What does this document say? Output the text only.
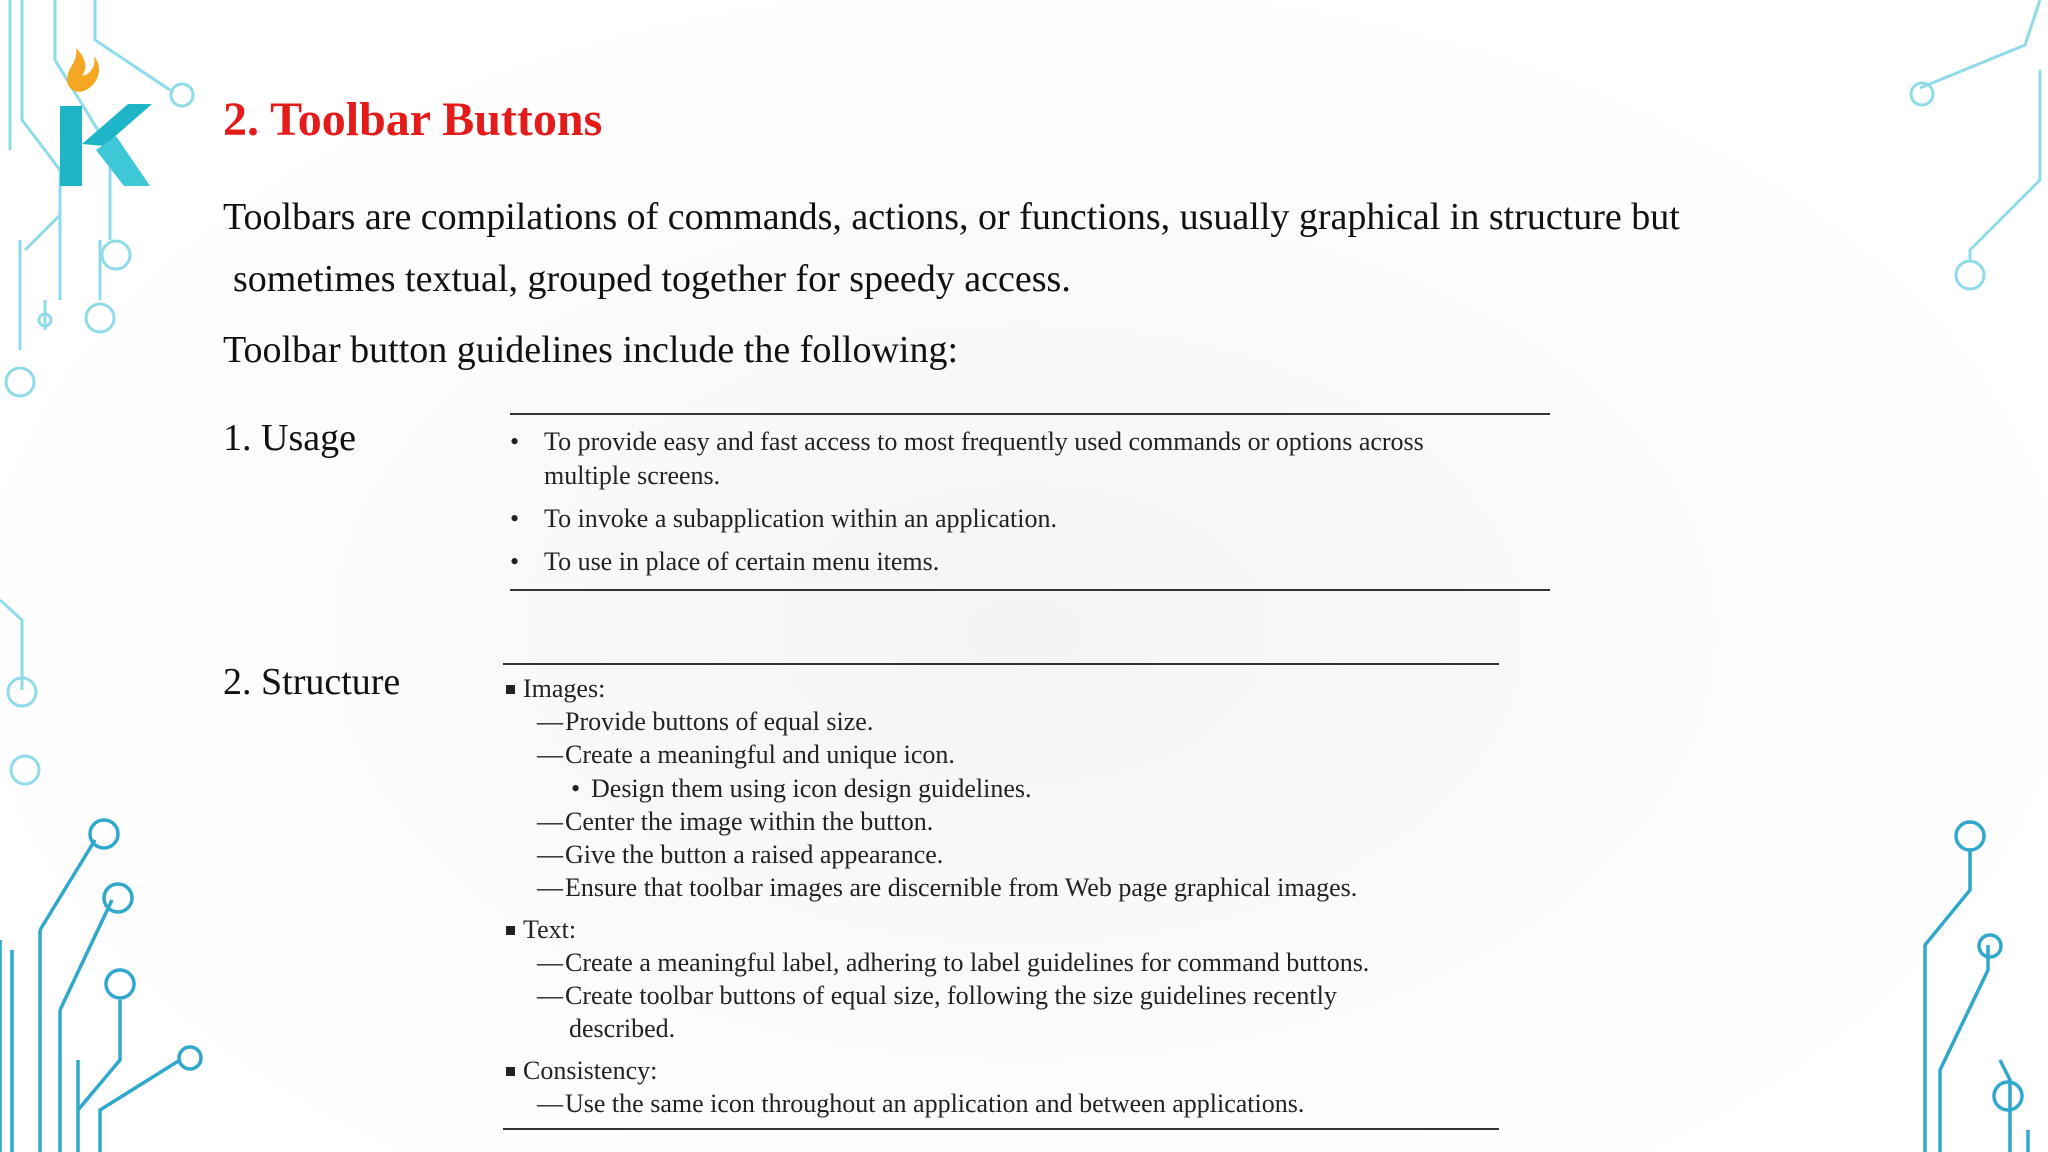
2. Toolbar Buttons

Toolbars are compilations of commands, actions, or functions, usually graphical in structure but
sometimes textual, grouped together for speedy access.

Toolbar button guidelines include the following:

1. Usage
•	To provide easy and fast access to most frequently used commands or options across
multiple screens.
• To invoke a subapplication within an application.
• To use in place of certain menu items.
2. Structure	Images:
— Provide buttons of equal size.
— Create a meaningful and unique icon.
• Design them using icon design guidelines.
— Center the image within the button.
— Give the button a raised appearance.
— Ensure that toolbar images are discernible from Web page graphical images.
Text:
— Create a meaningful label, adhering to label guidelines for command buttons.
— Create toolbar buttons of equal size, following the size guidelines recently
described.
Consistency:
— Use the same icon throughout an application and between applications.
